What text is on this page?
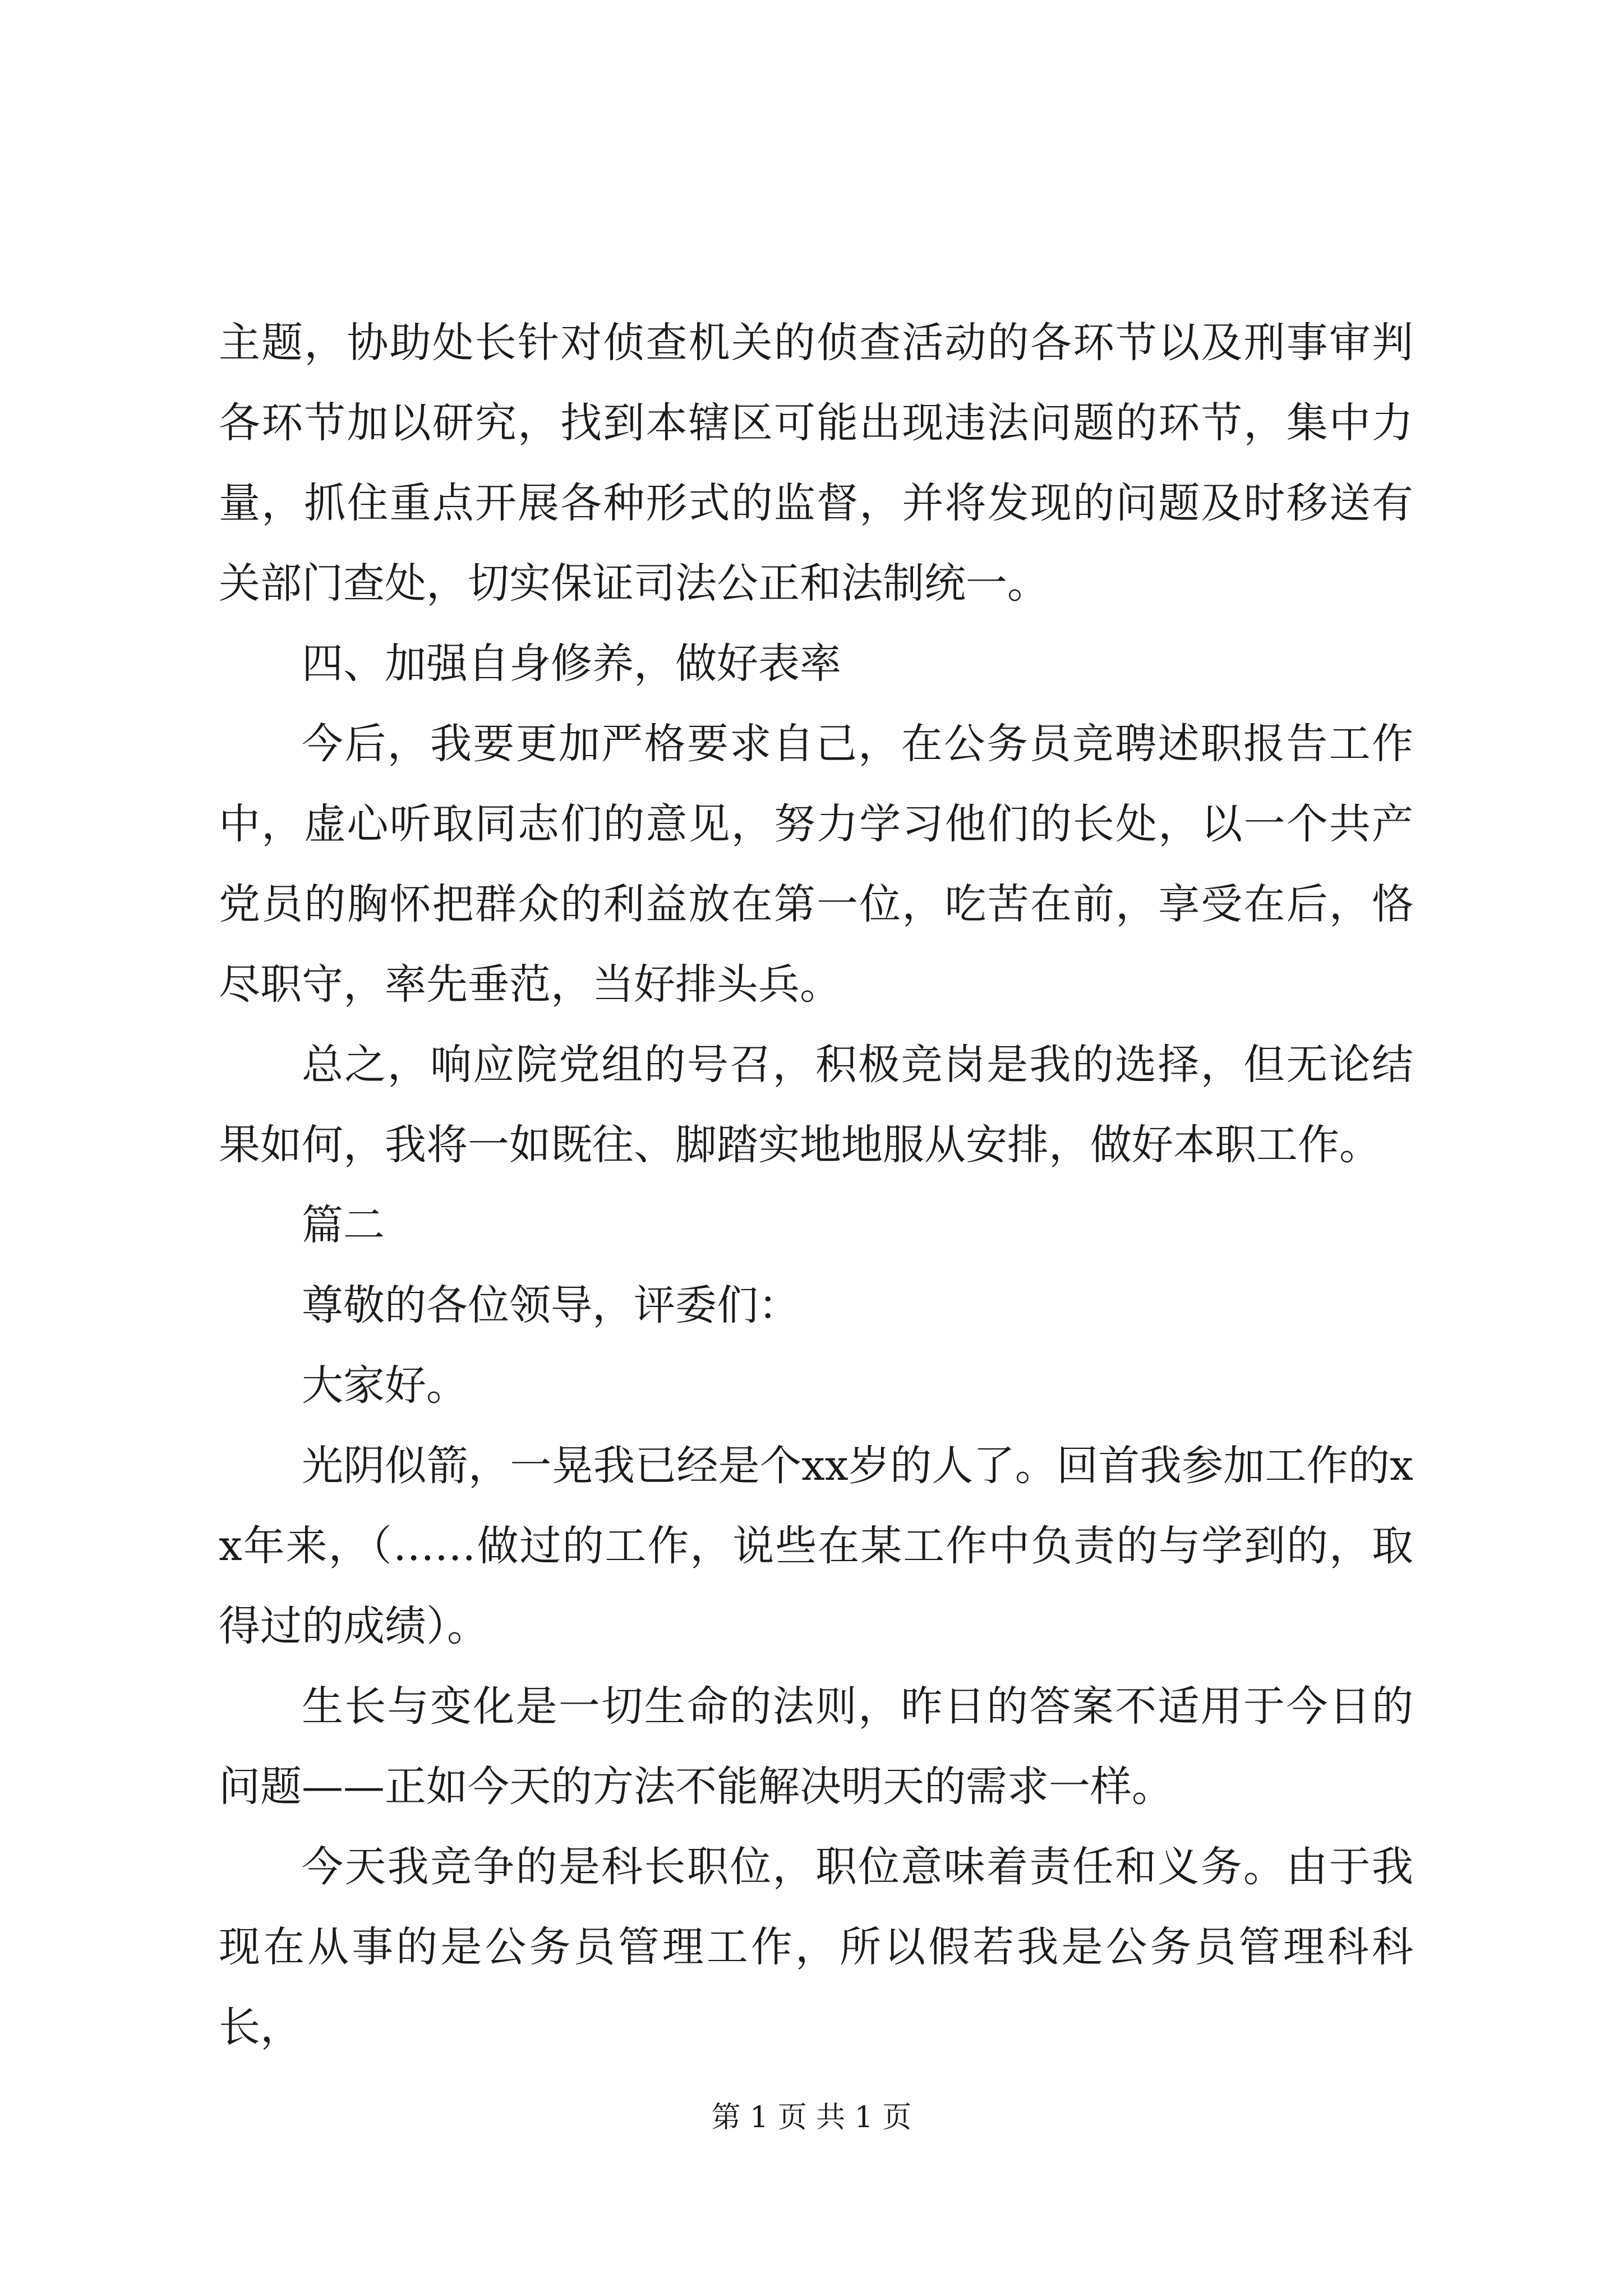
主题，协助处长针对侦查机关的侦查活动的各环节以及刑事审判各环节加以研究，找到本辖区可能出现违法问题的环节，集中力量，抓住重点开展各种形式的监督，并将发现的问题及时移送有关部门查处，切实保证司法公正和法制统一。

四、加强自身修养，做好表率

今后，我要更加严格要求自己，在公务员竞聘述职报告工作中，虚心听取同志们的意见，努力学习他们的长处，以一个共产党员的胸怀把群众的利益放在第一位，吃苦在前，享受在后，恪尽职守，率先垂范，当好排头兵。

总之，响应院党组的号召，积极竞岗是我的选择，但无论结果如何，我将一如既往、脚踏实地地服从安排，做好本职工作。

篇二

尊敬的各位领导，评委们：

大家好。

光阴似箭，一晃我已经是个xx岁的人了。回首我参加工作的xx年来，（……做过的工作，说些在某工作中负责的与学到的，取得过的成绩）。

生长与变化是一切生命的法则，昨日的答案不适用于今日的问题——正如今天的方法不能解决明天的需求一样。

今天我竞争的是科长职位，职位意味着责任和义务。由于我现在从事的是公务员管理工作，所以假若我是公务员管理科科长，

第 1 页 共 1 页
